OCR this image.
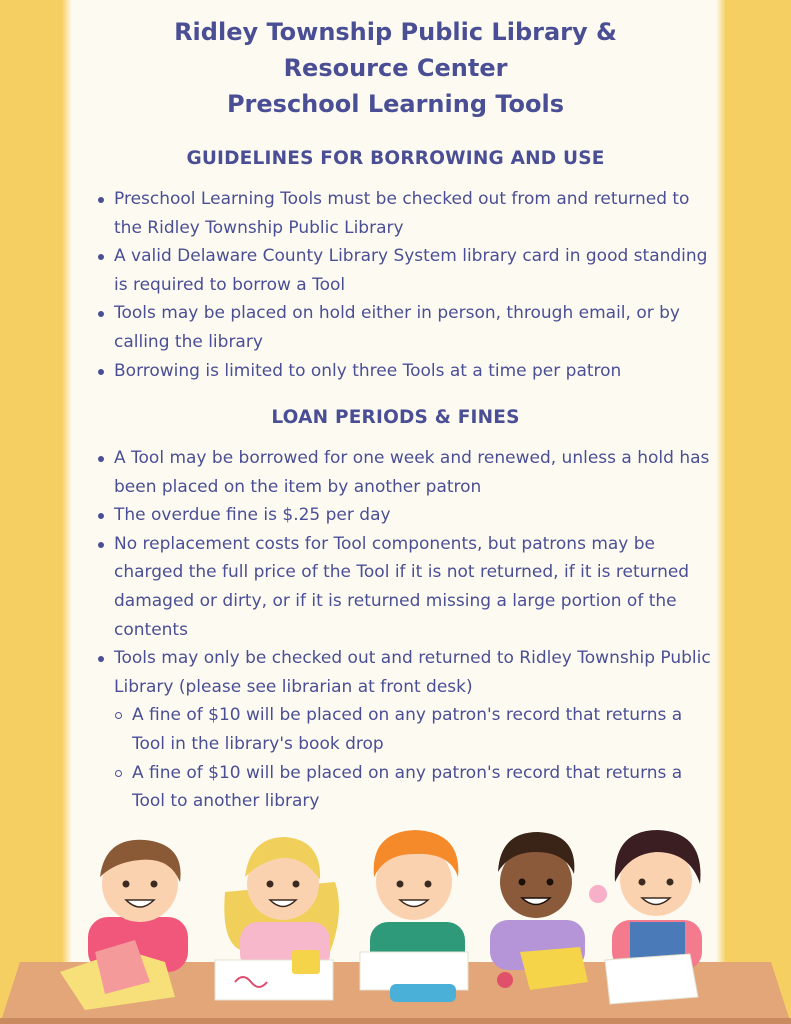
Ridley Township Public Library &
Resource Center
Preschool Learning Tools
GUIDELINES FOR BORROWING AND USE
Preschool Learning Tools must be checked out from and returned to the Ridley Township Public Library
A valid Delaware County Library System library card in good standing is required to borrow a Tool
Tools may be placed on hold either in person, through email, or by calling the library
Borrowing is limited to only three Tools at a time per patron
LOAN PERIODS & FINES
A Tool may be borrowed for one week and renewed, unless a hold has been placed on the item by another patron
The overdue fine is $.25 per day
No replacement costs for Tool components, but patrons may be charged the full price of the Tool if it is not returned, if it is returned damaged or dirty, or if it is returned missing a large portion of the contents
Tools may only be checked out and returned to Ridley Township Public Library (please see librarian at front desk)
A fine of $10 will be placed on any patron's record that returns a Tool in the library's book drop
A fine of $10 will be placed on any patron's record that returns a Tool to another library
